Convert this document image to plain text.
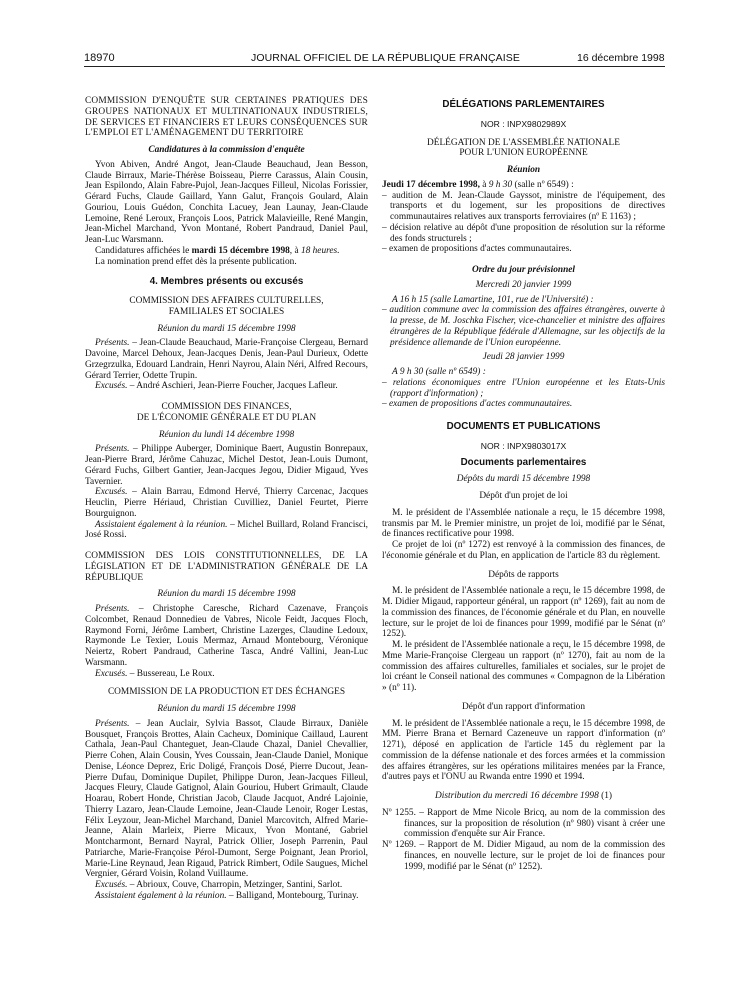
18970	JOURNAL OFFICIEL DE LA RÉPUBLIQUE FRANÇAISE	16 décembre 1998

COMMISSION D'ENQUÊTE SUR CERTAINES PRATIQUES DES GROUPES NATIONAUX ET MULTINATIONAUX INDUSTRIELS, DE SERVICES ET FINANCIERS ET LEURS CONSÉQUENCES SUR L'EMPLOI ET L'AMÉNAGEMENT DU TERRITOIRE

Candidatures à la commission d'enquête

Yvon Abiven, André Angot, Jean-Claude Beauchaud, Jean Besson, Claude Birraux, Marie-Thérèse Boisseau, Pierre Carassus, Alain Cousin, Jean Espilondo, Alain Fabre-Pujol, Jean-Jacques Filleul, Nicolas Forissier, Gérard Fuchs, Claude Gaillard, Yann Galut, François Goulard, Alain Gouriou, Louis Guédon, Conchita Lacuey, Jean Launay, Jean-Claude Lemoine, René Leroux, François Loos, Patrick Malavieille, René Mangin, Jean-Michel Marchand, Yvon Montané, Robert Pandraud, Daniel Paul, Jean-Luc Warsmann.

Candidatures affichées le mardi 15 décembre 1998, à 18 heures.

La nomination prend effet dès la présente publication.

4. Membres présents ou excusés

COMMISSION DES AFFAIRES CULTURELLES,

FAMILIALES ET SOCIALES

Réunion du mardi 15 décembre 1998

Présents. – Jean-Claude Beauchaud, Marie-Françoise Clergeau, Bernard Davoine, Marcel Dehoux, Jean-Jacques Denis, Jean-Paul Durieux, Odette Grzegrzulka, Edouard Landrain, Henri Nayrou, Alain Néri, Alfred Recours, Gérard Terrier, Odette Trupin.

Excusés. – André Aschieri, Jean-Pierre Foucher, Jacques Lafleur.

COMMISSION DES FINANCES,

DE L'ÉCONOMIE GÉNÉRALE ET DU PLAN

Réunion du lundi 14 décembre 1998

Présents. – Philippe Auberger, Dominique Baert, Augustin Bonrepaux, Jean-Pierre Brard, Jérôme Cahuzac, Michel Destot, Jean-Louis Dumont, Gérard Fuchs, Gilbert Gantier, Jean-Jacques Jegou, Didier Migaud, Yves Tavernier.

Excusés. – Alain Barrau, Edmond Hervé, Thierry Carcenac, Jacques Heuclin, Pierre Hériaud, Christian Cuvilliez, Daniel Feurtet, Pierre Bourguignon.

Assistaient également à la réunion. – Michel Buillard, Roland Francisci, José Rossi.

COMMISSION DES LOIS CONSTITUTIONNELLES, DE LA LÉGISLATION ET DE L'ADMINISTRATION GÉNÉRALE DE LA RÉPUBLIQUE

Réunion du mardi 15 décembre 1998

Présents. – Christophe Caresche, Richard Cazenave, François Colcombet, Renaud Donnedieu de Vabres, Nicole Feidt, Jacques Floch, Raymond Forni, Jérôme Lambert, Christine Lazerges, Claudine Ledoux, Raymonde Le Texier, Louis Mermaz, Arnaud Montebourg, Véronique Neiertz, Robert Pandraud, Catherine Tasca, André Vallini, Jean-Luc Warsmann.

Excusés. – Bussereau, Le Roux.

COMMISSION DE LA PRODUCTION ET DES ÉCHANGES

Réunion du mardi 15 décembre 1998

Présents. – Jean Auclair, Sylvia Bassot, Claude Birraux, Danièle Bousquet, François Brottes, Alain Cacheux, Dominique Caillaud, Laurent Cathala, Jean-Paul Chanteguet, Jean-Claude Chazal, Daniel Chevallier, Pierre Cohen, Alain Cousin, Yves Coussain, Jean-Claude Daniel, Monique Denise, Léonce Deprez, Eric Doligé, François Dosé, Pierre Ducout, Jean-Pierre Dufau, Dominique Dupilet, Philippe Duron, Jean-Jacques Filleul, Jacques Fleury, Claude Gatignol, Alain Gouriou, Hubert Grimault, Claude Hoarau, Robert Honde, Christian Jacob, Claude Jacquot, André Lajoinie, Thierry Lazaro, Jean-Claude Lemoine, Jean-Claude Lenoir, Roger Lestas, Félix Leyzour, Jean-Michel Marchand, Daniel Marcovitch, Alfred Marie-Jeanne, Alain Marleix, Pierre Micaux, Yvon Montané, Gabriel Montcharmont, Bernard Nayral, Patrick Ollier, Joseph Parrenin, Paul Patriarche, Marie-Françoise Pérol-Dumont, Serge Poignant, Jean Proriol, Marie-Line Reynaud, Jean Rigaud, Patrick Rimbert, Odile Saugues, Michel Vergnier, Gérard Voisin, Roland Vuillaume.

Excusés. – Abrioux, Couve, Charropin, Metzinger, Santini, Sarlot.

Assistaient également à la réunion. – Balligand, Montebourg, Turinay.

DÉLÉGATIONS PARLEMENTAIRES

NOR : INPX9802989X

DÉLÉGATION DE L'ASSEMBLÉE NATIONALE

POUR L'UNION EUROPÉENNE

Réunion

Jeudi 17 décembre 1998, à 9 h 30 (salle nº 6549) :

– audition de M. Jean-Claude Gayssot, ministre de l'équipement, des transports et du logement, sur les propositions de directives communautaires relatives aux transports ferroviaires (nº E 1163) ;

– décision relative au dépôt d'une proposition de résolution sur la réforme des fonds structurels ;

– examen de propositions d'actes communautaires.

Ordre du jour prévisionnel

Mercredi 20 janvier 1999

A 16 h 15 (salle Lamartine, 101, rue de l'Université) :

– audition commune avec la commission des affaires étrangères, ouverte à la presse, de M. Joschka Fischer, vice-chancelier et ministre des affaires étrangères de la République fédérale d'Allemagne, sur les objectifs de la présidence allemande de l'Union européenne.

Jeudi 28 janvier 1999

A 9 h 30 (salle nº 6549) :

– relations économiques entre l'Union européenne et les Etats-Unis (rapport d'information) ;

– examen de propositions d'actes communautaires.

DOCUMENTS ET PUBLICATIONS

NOR : INPX9803017X

Documents parlementaires

Dépôts du mardi 15 décembre 1998

Dépôt d'un projet de loi

M. le président de l'Assemblée nationale a reçu, le 15 décembre 1998, transmis par M. le Premier ministre, un projet de loi, modifié par le Sénat, de finances rectificative pour 1998.

Ce projet de loi (nº 1272) est renvoyé à la commission des finances, de l'économie générale et du Plan, en application de l'article 83 du règlement.

Dépôts de rapports

M. le président de l'Assemblée nationale a reçu, le 15 décembre 1998, de M. Didier Migaud, rapporteur général, un rapport (nº 1269), fait au nom de la commission des finances, de l'économie générale et du Plan, en nouvelle lecture, sur le projet de loi de finances pour 1999, modifié par le Sénat (nº 1252).

M. le président de l'Assemblée nationale a reçu, le 15 décembre 1998, de Mme Marie-Françoise Clergeau un rapport (nº 1270), fait au nom de la commission des affaires culturelles, familiales et sociales, sur le projet de loi créant le Conseil national des communes « Compagnon de la Libération » (nº 11).

Dépôt d'un rapport d'information

M. le président de l'Assemblée nationale a reçu, le 15 décembre 1998, de MM. Pierre Brana et Bernard Cazeneuve un rapport d'information (nº 1271), déposé en application de l'article 145 du règlement par la commission de la défense nationale et des forces armées et la commission des affaires étrangères, sur les opérations militaires menées par la France, d'autres pays et l'ONU au Rwanda entre 1990 et 1994.

Distribution du mercredi 16 décembre 1998 (1)

Nº 1255. – Rapport de Mme Nicole Bricq, au nom de la commission des finances, sur la proposition de résolution (nº 980) visant à créer une commission d'enquête sur Air France.

Nº 1269. – Rapport de M. Didier Migaud, au nom de la commission des finances, en nouvelle lecture, sur le projet de loi de finances pour 1999, modifié par le Sénat (nº 1252).
